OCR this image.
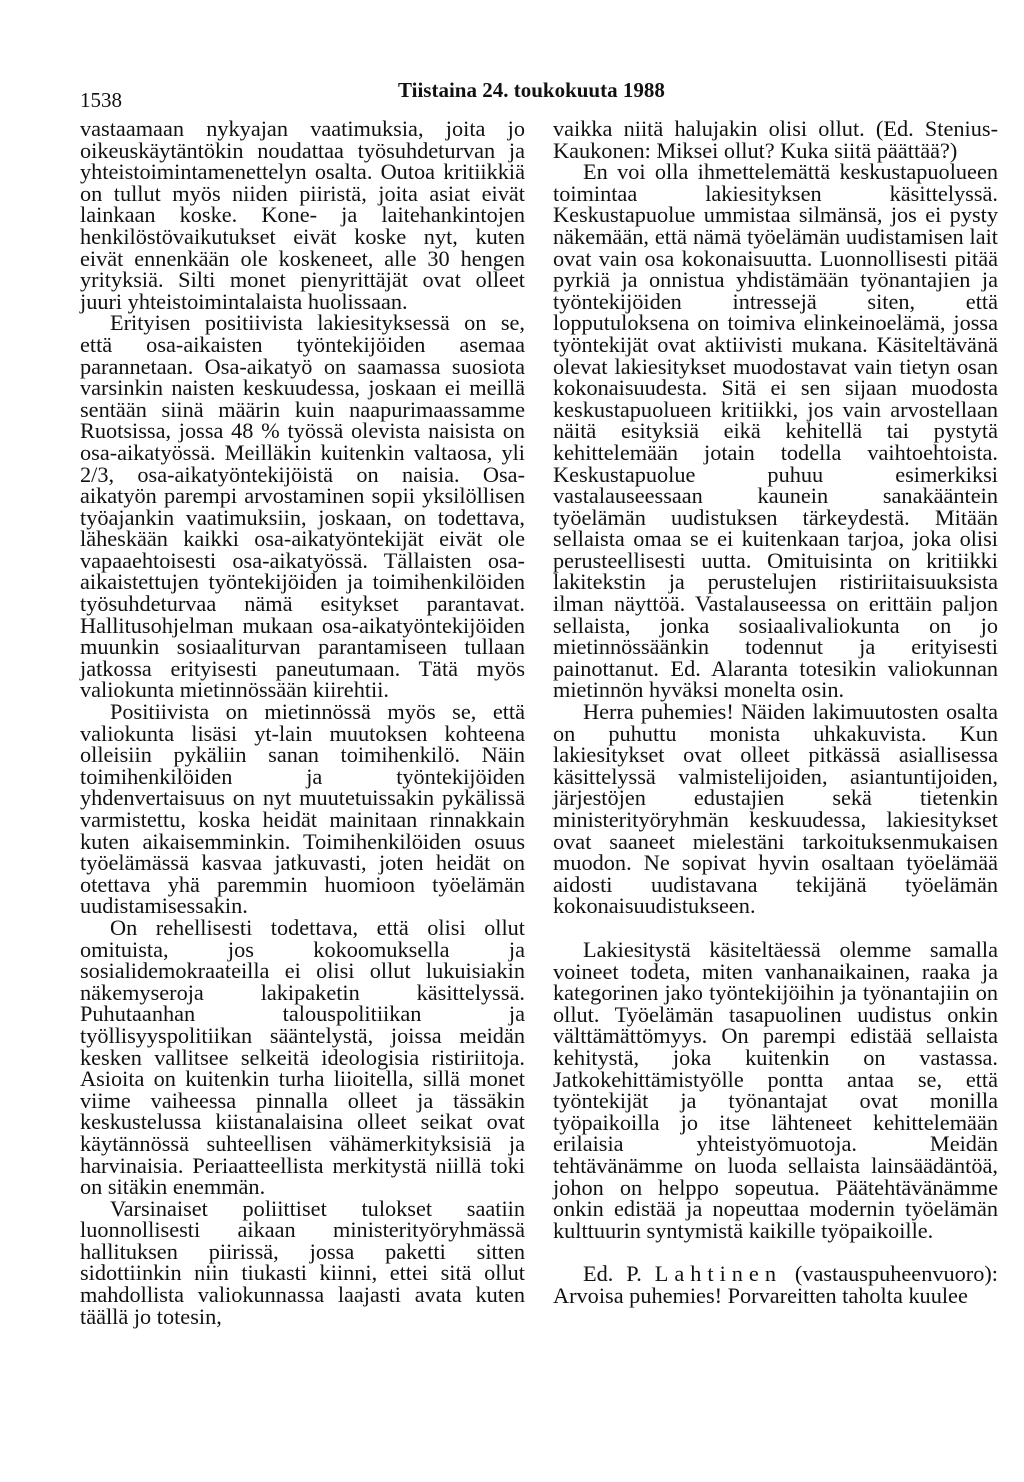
1538	Tiistaina 24. toukokuuta 1988

vastaamaan nykyajan vaatimuksia, joita jo oikeuskäytäntökin noudattaa työsuhdeturvan ja yhteistoimintamenettelyn osalta. Outoa kritiikkiä on tullut myös niiden piiristä, joita asiat eivät lainkaan koske. Kone- ja laitehankintojen henkilöstövaikutukset eivät koske nyt, kuten eivät ennenkään ole koskeneet, alle 30 hengen yrityksiä. Silti monet pienyrittäjät ovat olleet juuri yhteistoimintalaista huolissaan.

Erityisen positiivista lakiesityksessä on se, että osa-aikaisten työntekijöiden asemaa parannetaan. Osa-aikatyö on saamassa suosiota varsinkin naisten keskuudessa, joskaan ei meillä sentään siinä määrin kuin naapurimaassamme Ruotsissa, jossa 48 % työssä olevista naisista on osa-aikatyössä. Meilläkin kuitenkin valtaosa, yli 2/3, osa-aikatyöntekijöistä on naisia. Osa-aikatyön parempi arvostaminen sopii yksilöllisen työajankin vaatimuksiin, joskaan, on todettava, läheskään kaikki osa-aikatyöntekijät eivät ole vapaaehtoisesti osa-aikatyössä. Tällaisten osa-aikaistettujen työntekijöiden ja toimihenkilöiden työsuhdeturvaa nämä esitykset parantavat. Hallitusohjelman mukaan osa-aikatyöntekijöiden muunkin sosiaaliturvan parantamiseen tullaan jatkossa erityisesti paneutumaan. Tätä myös valiokunta mietinnössään kiirehtii.

Positiivista on mietinnössä myös se, että valiokunta lisäsi yt-lain muutoksen kohteena olleisiin pykäliin sanan toimihenkilö. Näin toimihenkilöiden ja työntekijöiden yhdenvertaisuus on nyt muutetuissakin pykälissä varmistettu, koska heidät mainitaan rinnakkain kuten aikaisemminkin. Toimihenkilöiden osuus työelämässä kasvaa jatkuvasti, joten heidät on otettava yhä paremmin huomioon työelämän uudistamisessakin.

On rehellisesti todettava, että olisi ollut omituista, jos kokoomuksella ja sosialidemokraateilla ei olisi ollut lukuisiakin näkemyseroja lakipaketin käsittelyssä. Puhutaanhan talouspolitiikan ja työllisyyspolitiikan sääntelystä, joissa meidän kesken vallitsee selkeitä ideologisia ristiriitoja. Asioita on kuitenkin turha liioitella, sillä monet viime vaiheessa pinnalla olleet ja tässäkin keskustelussa kiistanalaisina olleet seikat ovat käytännössä suhteellisen vähämerkityksisiä ja harvinaisia. Periaatteellista merkitystä niillä toki on sitäkin enemmän.

Varsinaiset poliittiset tulokset saatiin luonnollisesti aikaan ministerityöryhmässä hallituksen piirissä, jossa paketti sitten sidottiinkin niin tiukasti kiinni, ettei sitä ollut mahdollista valiokunnassa laajasti avata kuten täällä jo totesin,

vaikka niitä halujakin olisi ollut. (Ed. Stenius-Kaukonen: Miksei ollut? Kuka siitä päättää?)

En voi olla ihmettelemättä keskustapuolueen toimintaa lakiesityksen käsittelyssä. Keskustapuolue ummistaa silmänsä, jos ei pysty näkemään, että nämä työelämän uudistamisen lait ovat vain osa kokonaisuutta. Luonnollisesti pitää pyrkiä ja onnistua yhdistämään työnantajien ja työntekijöiden intressejä siten, että lopputuloksena on toimiva elinkeinoelämä, jossa työntekijät ovat aktiivisti mukana. Käsiteltävänä olevat lakiesitykset muodostavat vain tietyn osan kokonaisuudesta. Sitä ei sen sijaan muodosta keskustapuolueen kritiikki, jos vain arvostellaan näitä esityksiä eikä kehitellä tai pystytä kehittelemään jotain todella vaihtoehtoista. Keskustapuolue puhuu esimerkiksi vastalauseessaan kaunein sanakääntein työelämän uudistuksen tärkeydestä. Mitään sellaista omaa se ei kuitenkaan tarjoa, joka olisi perusteellisesti uutta. Omituisinta on kritiikki lakitekstin ja perustelujen ristiriitaisuuksista ilman näyttöä. Vastalauseessa on erittäin paljon sellaista, jonka sosiaalivaliokunta on jo mietinnössäänkin todennut ja erityisesti painottanut. Ed. Alarantа totesikin valiokunnan mietinnön hyväksi monelta osin.

Herra puhemies! Näiden lakimuutosten osalta on puhuttu monista uhkakuvista. Kun lakiesitykset ovat olleet pitkässä asiallisessa käsittelyssä valmistelijoiden, asiantuntijoiden, järjestöjen edustajien sekä tietenkin ministerityöryhmän keskuudessa, lakiesitykset ovat saaneet mielestäni tarkoituksenmukaisen muodon. Ne sopivat hyvin osaltaan työelämää aidosti uudistavana tekijänä työelämän kokonaisuudistukseen.

Lakiesitystä käsiteltäessä olemme samalla voineet todeta, miten vanhanaikainen, raaka ja kategorinen jako työntekijöihin ja työnantajiin on ollut. Työelämän tasapuolinen uudistus onkin välttämättömyys. On parempi edistää sellaista kehitystä, joka kuitenkin on vastassa. Jatkokehittämistyölle pontta antaa se, että työntekijät ja työnantajat ovat monilla työpaikoilla jo itse lähteneet kehittelemään erilaisia yhteistyömuotoja. Meidän tehtävänämme on luoda sellaista lainsäädäntöä, johon on helppo sopeutua. Päätehtävänämme onkin edistää ja nopeuttaa modernin työelämän kulttuurin syntymistä kaikille työpaikoille.

Ed. P. Lahtinen (vastauspuheenvuoro): Arvoisa puhemies! Porvareitten taholta kuulee
